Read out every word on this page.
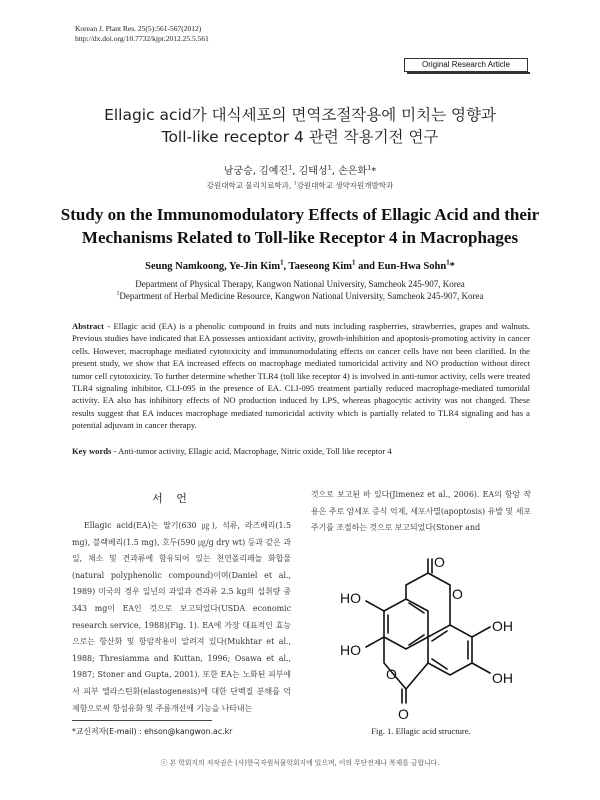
Korean J. Plant Res. 25(5):561-567(2012)
http://dx.doi.org/10.7732/kjpr.2012.25.5.561
Original Research Article
Ellagic acid가 대식세포의 면역조절작용에 미치는 영향과
Toll-like receptor 4 관련 작용기전 연구
남궁승, 김예진$^1$, 김태성$^1$, 손은화$^1$*
강원대학교 물리치료학과, $^1$강원대학교 생약자원개발학과
Study on the Immunomodulatory Effects of Ellagic Acid and their
Mechanisms Related to Toll-like Receptor 4 in Macrophages
Seung Namkoong, Ye-Jin Kim$^1$, Taeseong Kim$^1$ and Eun-Hwa Sohn$^1$*
Department of Physical Therapy, Kangwon National University, Samcheok 245-907, Korea
$^1$Department of Herbal Medicine Resource, Kangwon National University, Samcheok 245-907, Korea
Abstract - Ellagic acid (EA) is a phenolic compound in fruits and nuts including raspberries, strawberries, grapes and walnuts. Previous studies have indicated that EA possesses antioxidant activity, growth-inhibition and apoptosis-promoting activity in cancer cells. However, macrophage mediated cytotoxicity and immunomodulating effects on cancer cells have not been clarified. In the present study, we show that EA increased effects on macrophage mediated tumoricidal activity and NO production without direct tumor cell cytotoxicity. To further determine whether TLR4 (toll like receptor 4) is involved in anti-tumor activity, cells were treated TLR4 signaling inhibitor, CLI-095 in the presence of EA. CLI-095 treatment partially reduced macrophage-mediated tumoridal activity. EA also has inhibitory effects of NO production induced by LPS, whereas phagocytic activity was not changed. These results suggest that EA induces macrophage mediated tumoricidal activity which is partially related to TLR4 signaling and has a potential adjuvant in cancer therapy.
Key words - Anti-tumor activity, Ellagic acid, Macrophage, Nitric oxide, Toll like receptor 4
서 언
Ellagic acid(EA)는 딸기(630 ㎍), 석류, 라즈베리(1.5 mg), 블랙베리(1.5 mg), 호두(590 ㎍/g dry wt) 등과 같은 과일, 채소 및 견과류에 함유되어 있는 천연폴리페놀 화합물(natural polyphenolic compound)이며(Daniel et al., 1989) 미국의 경우 일년의 과일과 견과류 2.5 kg의 섭취량 중 343 mg이 EA인 것으로 보고되었다(USDA economic research service, 1988)(Fig. 1). EA에 가장 대표적인 효능으로는 항산화 및 항암작용이 알려져 있다(Mukhtar et al., 1988; Thresiamma and Kuttan, 1996; Osawa et al., 1987; Stoner and Gupta, 2001). 또한 EA는 노화된 피부에서 피부 엘라스틴화(elastogenesis)에 대한 단백질 분해를 억제함으로써 항섬유화 및 주름개선에 기능을 나타내는
것으로 보고된 바 있다(Jimenez et al., 2006). EA의 항암 작용은 주로 암세포 증식 억제, 세포사멸(apoptosis) 유발 및 세포주기를 조절하는 것으로 보고되었다(Stoner and
HO
O
HO
O
OH
O
O
OH
Fig. 1. Ellagic acid structure.
*교신저자(E-mail) : ehson@kangwon.ac.kr
ⓒ 본 학회지의 저작권은 (사)한국자원식물학회지에 있으며, 이의 무단전재나 복제를 금합니다.
